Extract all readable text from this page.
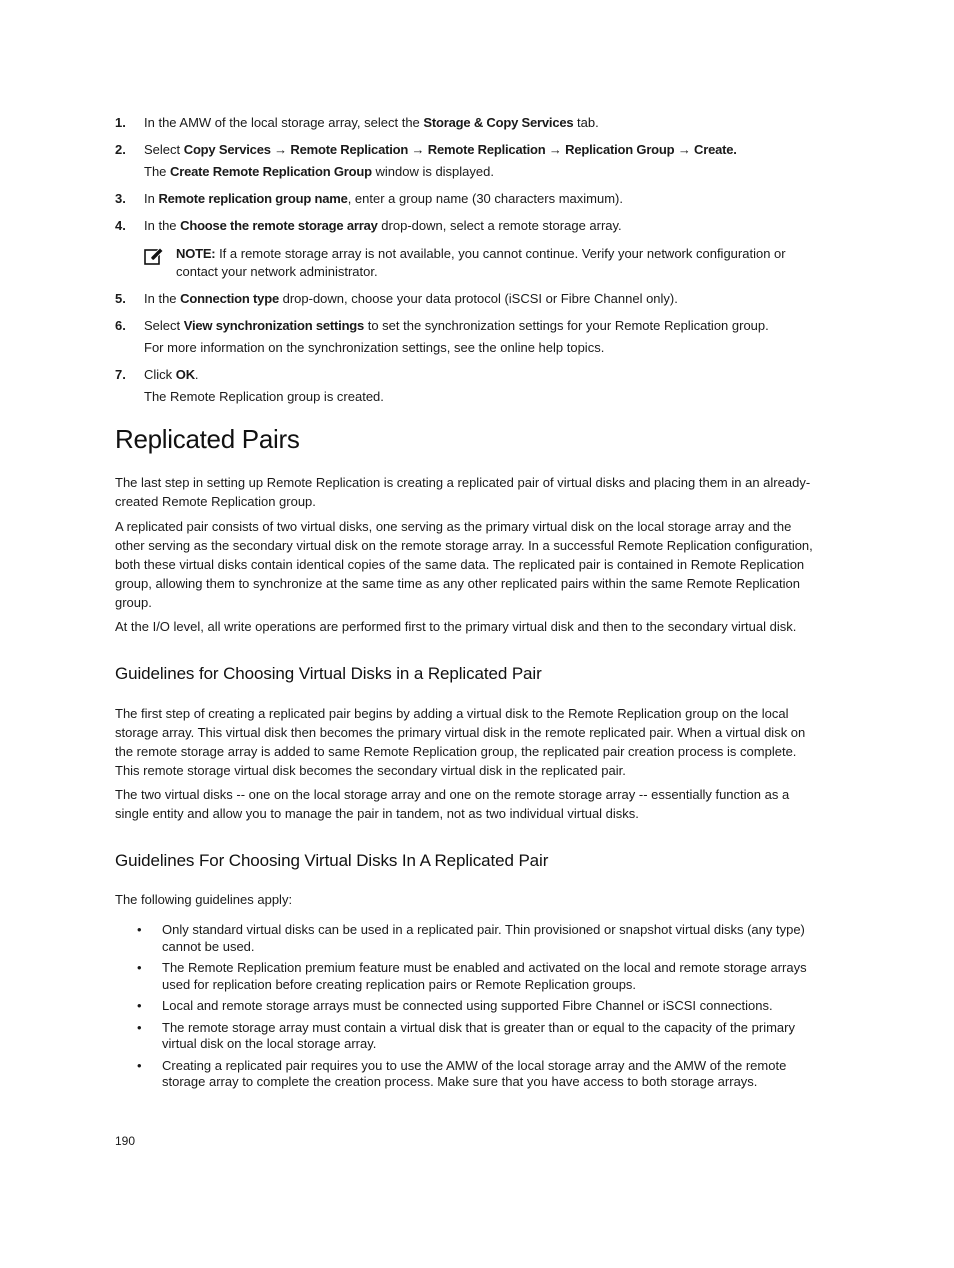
1. In the AMW of the local storage array, select the Storage & Copy Services tab.
2. Select Copy Services → Remote Replication → Remote Replication → Replication Group → Create.
The Create Remote Replication Group window is displayed.
3. In Remote replication group name, enter a group name (30 characters maximum).
4. In the Choose the remote storage array drop-down, select a remote storage array.
NOTE: If a remote storage array is not available, you cannot continue. Verify your network configuration or contact your network administrator.
5. In the Connection type drop-down, choose your data protocol (iSCSI or Fibre Channel only).
6. Select View synchronization settings to set the synchronization settings for your Remote Replication group.
For more information on the synchronization settings, see the online help topics.
7. Click OK.
The Remote Replication group is created.
Replicated Pairs

The last step in setting up Remote Replication is creating a replicated pair of virtual disks and placing them in an already-created Remote Replication group.

A replicated pair consists of two virtual disks, one serving as the primary virtual disk on the local storage array and the other serving as the secondary virtual disk on the remote storage array. In a successful Remote Replication configuration, both these virtual disks contain identical copies of the same data. The replicated pair is contained in Remote Replication group, allowing them to synchronize at the same time as any other replicated pairs within the same Remote Replication group.

At the I/O level, all write operations are performed first to the primary virtual disk and then to the secondary virtual disk.

Guidelines for Choosing Virtual Disks in a Replicated Pair

The first step of creating a replicated pair begins by adding a virtual disk to the Remote Replication group on the local storage array. This virtual disk then becomes the primary virtual disk in the remote replicated pair. When a virtual disk on the remote storage array is added to same Remote Replication group, the replicated pair creation process is complete. This remote storage virtual disk becomes the secondary virtual disk in the replicated pair.

The two virtual disks -- one on the local storage array and one on the remote storage array -- essentially function as a single entity and allow you to manage the pair in tandem, not as two individual virtual disks.

Guidelines For Choosing Virtual Disks In A Replicated Pair

The following guidelines apply:

• Only standard virtual disks can be used in a replicated pair. Thin provisioned or snapshot virtual disks (any type) cannot be used.
• The Remote Replication premium feature must be enabled and activated on the local and remote storage arrays used for replication before creating replication pairs or Remote Replication groups.
• Local and remote storage arrays must be connected using supported Fibre Channel or iSCSI connections.
• The remote storage array must contain a virtual disk that is greater than or equal to the capacity of the primary virtual disk on the local storage array.
• Creating a replicated pair requires you to use the AMW of the local storage array and the AMW of the remote storage array to complete the creation process. Make sure that you have access to both storage arrays.
190
